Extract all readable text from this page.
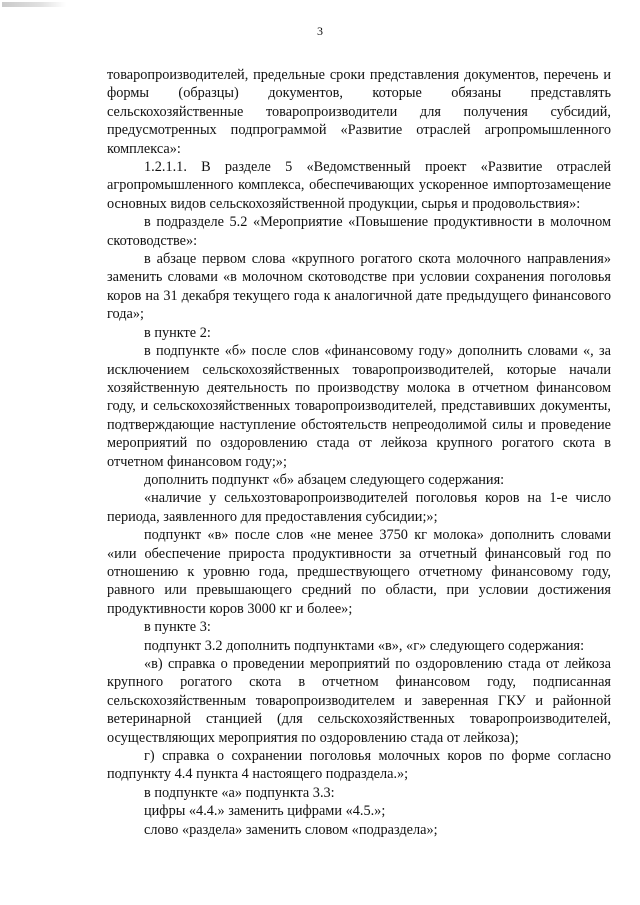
3

товаропроизводителей, предельные сроки представления документов, перечень и формы (образцы) документов, которые обязаны представлять сельскохозяйственные товаропроизводители для получения субсидий, предусмотренных подпрограммой «Развитие отраслей агропромышленного комплекса»:

1.2.1.1. В разделе 5 «Ведомственный проект «Развитие отраслей агропромышленного комплекса, обеспечивающих ускоренное импортозамещение основных видов сельскохозяйственной продукции, сырья и продовольствия»:

в подразделе 5.2 «Мероприятие «Повышение продуктивности в молочном скотоводстве»:

в абзаце первом слова «крупного рогатого скота молочного направления» заменить словами «в молочном скотоводстве при условии сохранения поголовья коров на 31 декабря текущего года к аналогичной дате предыдущего финансового года»;

в пункте 2:

в подпункте «б» после слов «финансовому году» дополнить словами «, за исключением сельскохозяйственных товаропроизводителей, которые начали хозяйственную деятельность по производству молока в отчетном финансовом году, и сельскохозяйственных товаропроизводителей, представивших документы, подтверждающие наступление обстоятельств непреодолимой силы и проведение мероприятий по оздоровлению стада от лейкоза крупного рогатого скота в отчетном финансовом году;»;

дополнить подпункт «б» абзацем следующего содержания:

«наличие у сельхозтоваропроизводителей поголовья коров на 1-е число периода, заявленного для предоставления субсидии;»;

подпункт «в» после слов «не менее 3750 кг молока» дополнить словами «или обеспечение прироста продуктивности за отчетный финансовый год по отношению к уровню года, предшествующего отчетному финансовому году, равного или превышающего средний по области, при условии достижения продуктивности коров 3000 кг и более»;

в пункте 3:

подпункт 3.2 дополнить подпунктами «в», «г» следующего содержания:

«в) справка о проведении мероприятий по оздоровлению стада от лейкоза крупного рогатого скота в отчетном финансовом году, подписанная сельскохозяйственным товаропроизводителем и заверенная ГКУ и районной ветеринарной станцией (для сельскохозяйственных товаропроизводителей, осуществляющих мероприятия по оздоровлению стада от лейкоза);

г) справка о сохранении поголовья молочных коров по форме согласно подпункту 4.4 пункта 4 настоящего подраздела.»;

в подпункте «а» подпункта 3.3:

цифры «4.4.» заменить цифрами «4.5.»;

слово «раздела» заменить словом «подраздела»;
